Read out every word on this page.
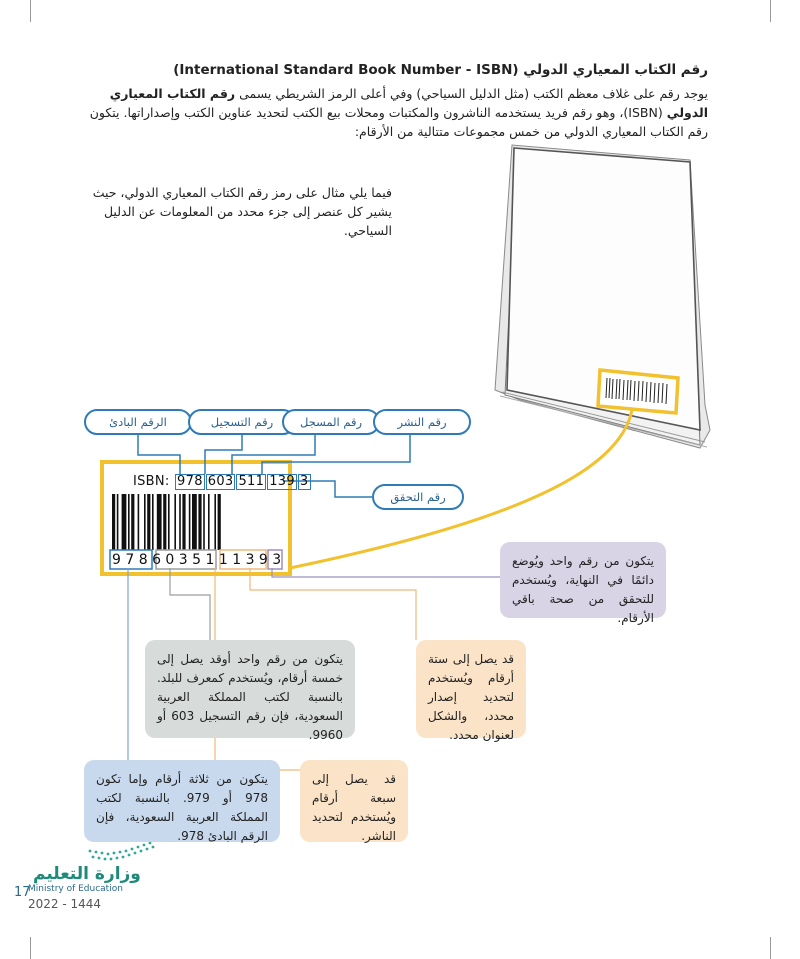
رقم الكتاب المعياري الدولي (International Standard Book Number - ISBN)
يوجد رقم على غلاف معظم الكتب (مثل الدليل السياحي) وفي أعلى الرمز الشريطي يسمى رقم الكتاب المعياري الدولي (ISBN)، وهو رقم فريد يستخدمه الناشرون والمكتبات ومحلات بيع الكتب لتحديد عناوين الكتب وإصداراتها. يتكون رقم الكتاب المعياري الدولي من خمس مجموعات متتالية من الأرقام:
فيما يلي مثال على رمز رقم الكتاب المعياري الدولي، حيث يشير كل عنصر إلى جزء محدد من المعلومات عن الدليل السياحي.
الرقم البادئ	رقم التسجيل	رقم المسجل	رقم النشر
رقم التحقق
ISBN: 978 603 511 139 3
9 7 8 6 0 3 5 1 1 1 3 9 3	يتكون من رقم واحد ويُوضع دائمًا في النهاية، ويُستخدم للتحقق من صحة باقي الأرقام.
يتكون من رقم واحد أوقد يصل إلى خمسة أرقام، ويُستخدم كمعرف للبلد. بالنسبة لكتب المملكة العربية السعودية، فإن رقم التسجيل 603 أو 9960.
قد يصل إلى ستة أرقام ويُستخدم لتحديد إصدار محدد، والشكل لعنوان محدد.
يتكون من ثلاثة أرقام وإما تكون 978 أو 979. بالنسبة لكتب المملكة العربية السعودية، فإن الرقم البادئ 978.
قد يصل إلى سبعة أرقام ويُستخدم لتحديد الناشر.
وزارة التعليم
17
Ministry of Education
2022 - 1444
